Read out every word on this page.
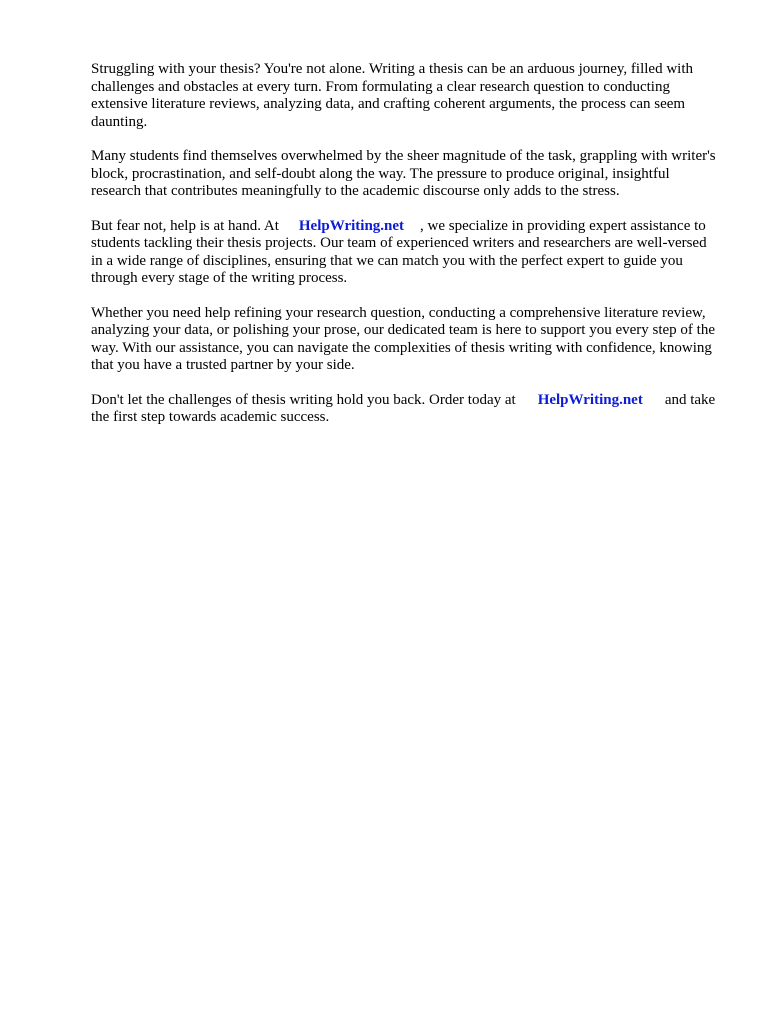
Struggling with your thesis? You're not alone. Writing a thesis can be an arduous journey, filled with challenges and obstacles at every turn. From formulating a clear research question to conducting extensive literature reviews, analyzing data, and crafting coherent arguments, the process can seem daunting.

Many students find themselves overwhelmed by the sheer magnitude of the task, grappling with writer's block, procrastination, and self-doubt along the way. The pressure to produce original, insightful research that contributes meaningfully to the academic discourse only adds to the stress.

But fear not, help is at hand. At HelpWriting.net , we specialize in providing expert assistance to students tackling their thesis projects. Our team of experienced writers and researchers are well-versed in a wide range of disciplines, ensuring that we can match you with the perfect expert to guide you through every stage of the writing process.

Whether you need help refining your research question, conducting a comprehensive literature review, analyzing your data, or polishing your prose, our dedicated team is here to support you every step of the way. With our assistance, you can navigate the complexities of thesis writing with confidence, knowing that you have a trusted partner by your side.

Don't let the challenges of thesis writing hold you back. Order today at HelpWriting.net and take the first step towards academic success.
